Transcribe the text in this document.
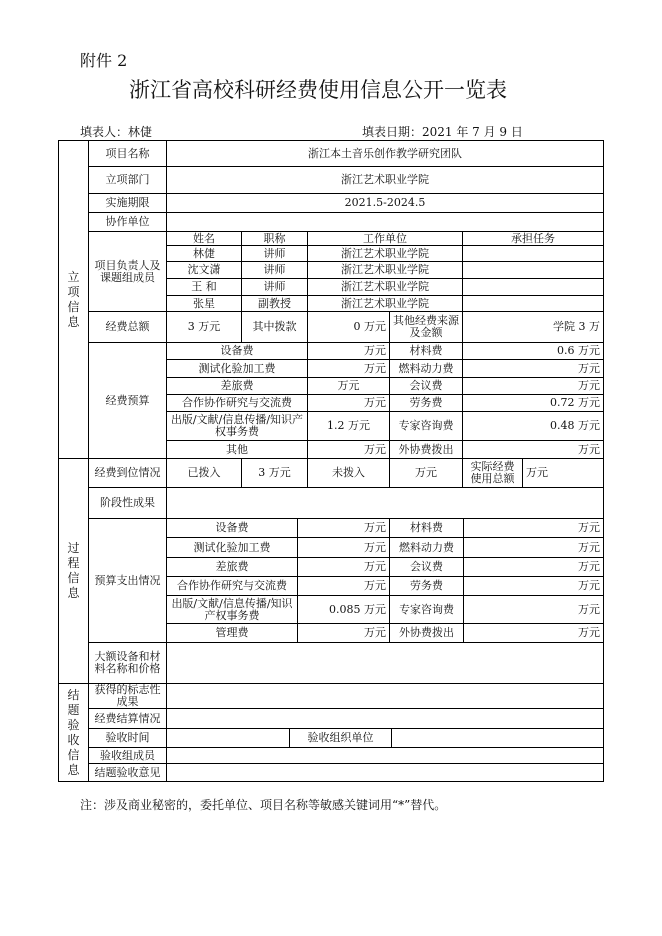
附件 2
浙江省高校科研经费使用信息公开一览表
填表人：林倢	填表日期：2021 年 7 月 9 日
立项信息
过程信息
结题验收信息
项目名称	浙江本土音乐创作教学研究团队
立项部门	浙江艺术职业学院
实施期限	2021.5-2024.5
协作单位
项目负责人及课题组成员
姓名	职称	工作单位	承担任务
林倢	讲师	浙江艺术职业学院
沈文潇	讲师	浙江艺术职业学院
王 和	讲师	浙江艺术职业学院
张星	副教授	浙江艺术职业学院
经费总额	3 万元	其中拨款	0 万元 其他经费来源及金额	学院 3 万
经费预算
设备费	万元 材料费	0.6 万元
测试化验加工费	万元 燃料动力费	万元
差旅费	万元	会议费	万元
合作协作研究与交流费	万元 劳务费	0.72 万元
出版/文献/信息传播/知识产权事务费	1.2 万元	专家咨询费	0.48 万元
其他	万元 外协费拨出	万元
经费到位情况 已拨入	3 万元	未拨入	万元	实际经费使用总额	万元
阶段性成果
预算支出情况
设备费	万元 材料费	万元
测试化验加工费	万元 燃料动力费	万元
差旅费	万元 会议费	万元
合作协作研究与交流费	万元 劳务费	万元
出版/文献/信息传播/知识产权事务费	0.085 万元 专家咨询费	万元
管理费	万元 外协费拨出	万元
大额设备和材料名称和价格
获得的标志性成果
经费结算情况
验收时间	验收组织单位
验收组成员
结题验收意见
注：涉及商业秘密的，委托单位、项目名称等敏感关键词用“*”替代。
